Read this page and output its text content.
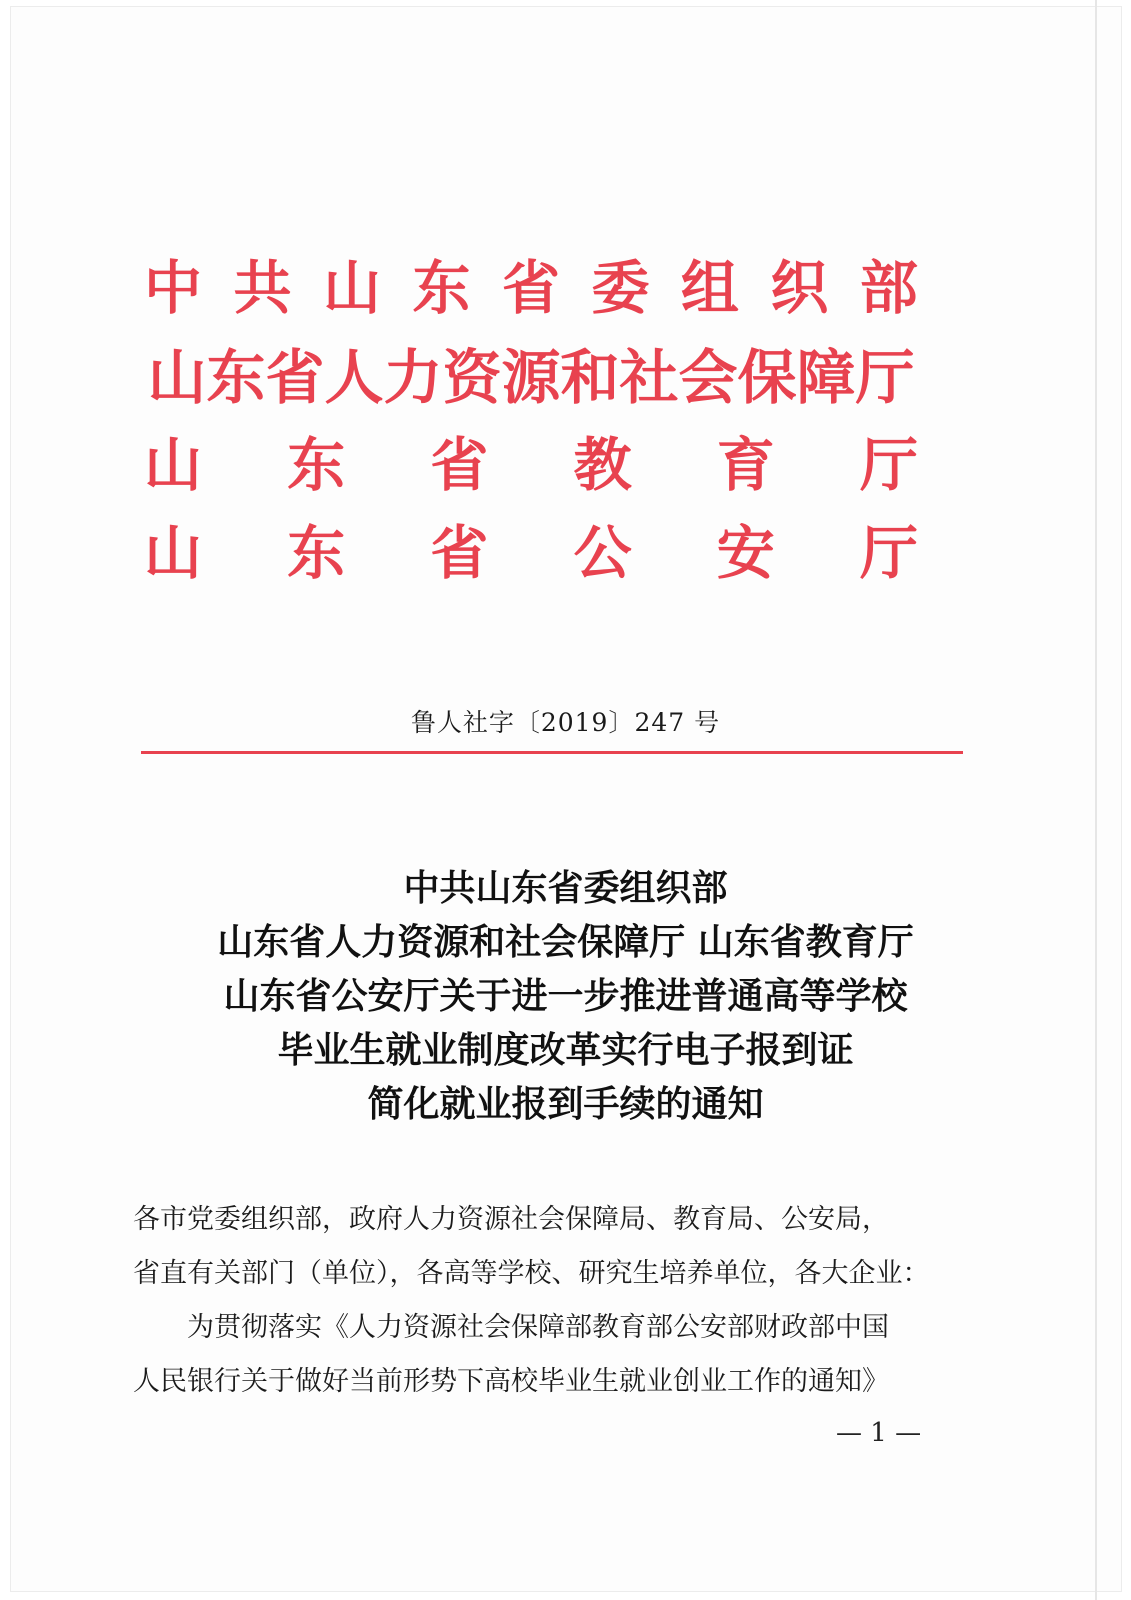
中 共 山 东 省 委 组 织 部
山东省人力资源和社会保障厅
山 东 省 教 育 厅
山 东 省 公 安 厅
鲁人社字〔2019〕247 号
中共山东省委组织部
山东省人力资源和社会保障厅 山东省教育厅
山东省公安厅关于进一步推进普通高等学校
毕业生就业制度改革实行电子报到证
简化就业报到手续的通知
各市党委组织部，政府人力资源社会保障局、教育局、公安局，
省直有关部门（单位），各高等学校、研究生培养单位，各大企业：
为贯彻落实《人力资源社会保障部教育部公安部财政部中国
人民银行关于做好当前形势下高校毕业生就业创业工作的通知》
— 1 —
